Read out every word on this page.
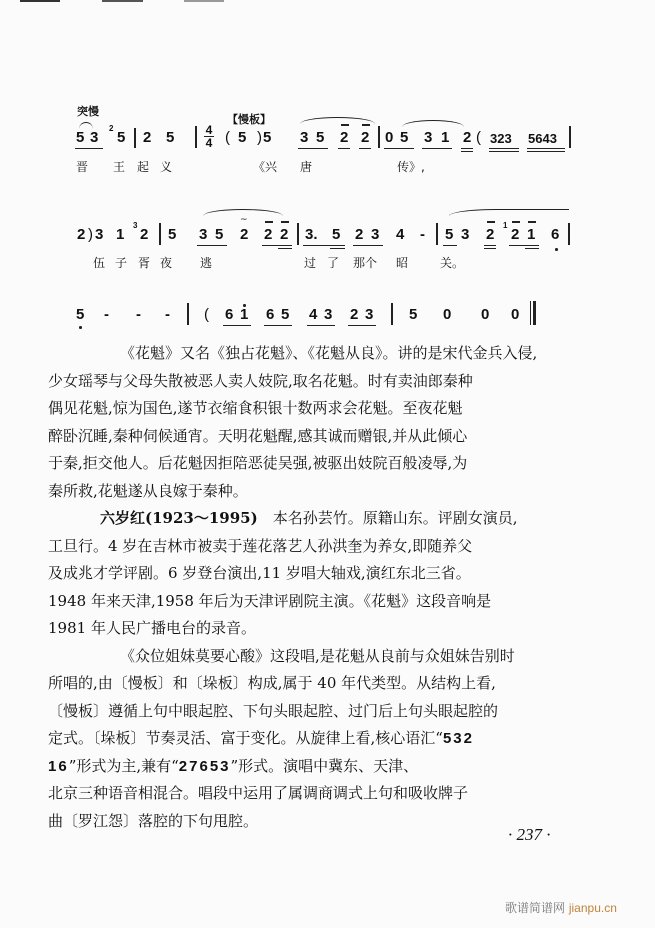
突慢
【慢板】
5 3
2
5 2 $5 \frac{4}{4}$ ( 5 ) 5 3 5 2 2 0 5 3 1 2 ( 323 5643
晋 王 起 义	《兴 唐	传》,
2 ) 3 1
3
2 5 3 5
~
2 2 2 3. 5 2 3 4 - 5 3 2
1
2 1 6
伍 子 胥 夜 逃	过 了 那个 昭	关。
5 - - - ( 6 1 6 5 4 3 2 3 5 0 0 0

《花魁》又名《独占花魁》、《花魁从良》。讲的是宋代金兵入侵,

少女瑶琴与父母失散被恶人卖人妓院,取名花魁。时有卖油郎秦种

偶见花魁,惊为国色,遂节衣缩食积银十数两求会花魁。至夜花魁

醉卧沉睡,秦种伺候通宵。天明花魁醒,感其诚而赠银,并从此倾心

于秦,拒交他人。后花魁因拒陪恶徒吴强,被驱出妓院百般凌辱,为

秦所救,花魁遂从良嫁于秦种。

六岁红(1923～1995)　本名孙芸竹。原籍山东。评剧女演员,

工旦行。4 岁在吉林市被卖于莲花落艺人孙洪奎为养女,即随养父

及成兆才学评剧。6 岁登台演出,11 岁唱大轴戏,演红东北三省。

1948 年来天津,1958 年后为天津评剧院主演。《花魁》这段音响是

1981 年人民广播电台的录音。

《众位姐妹莫要心酸》这段唱,是花魁从良前与众姐妹告别时

所唱的,由〔慢板〕和〔垛板〕构成,属于 40 年代类型。从结构上看,

〔慢板〕遵循上句中眼起腔、下句头眼起腔、过门后上句头眼起腔的

定式。〔垛板〕节奏灵活、富于变化。从旋律上看,核心语汇“532

16”形式为主,兼有“27653”形式。演唱中冀东、天津、

北京三种语音相混合。唱段中运用了属调商调式上句和吸收牌子

曲〔罗江怨〕落腔的下句甩腔。

· 237 ·
歌谱简谱网 jianpu.cn
